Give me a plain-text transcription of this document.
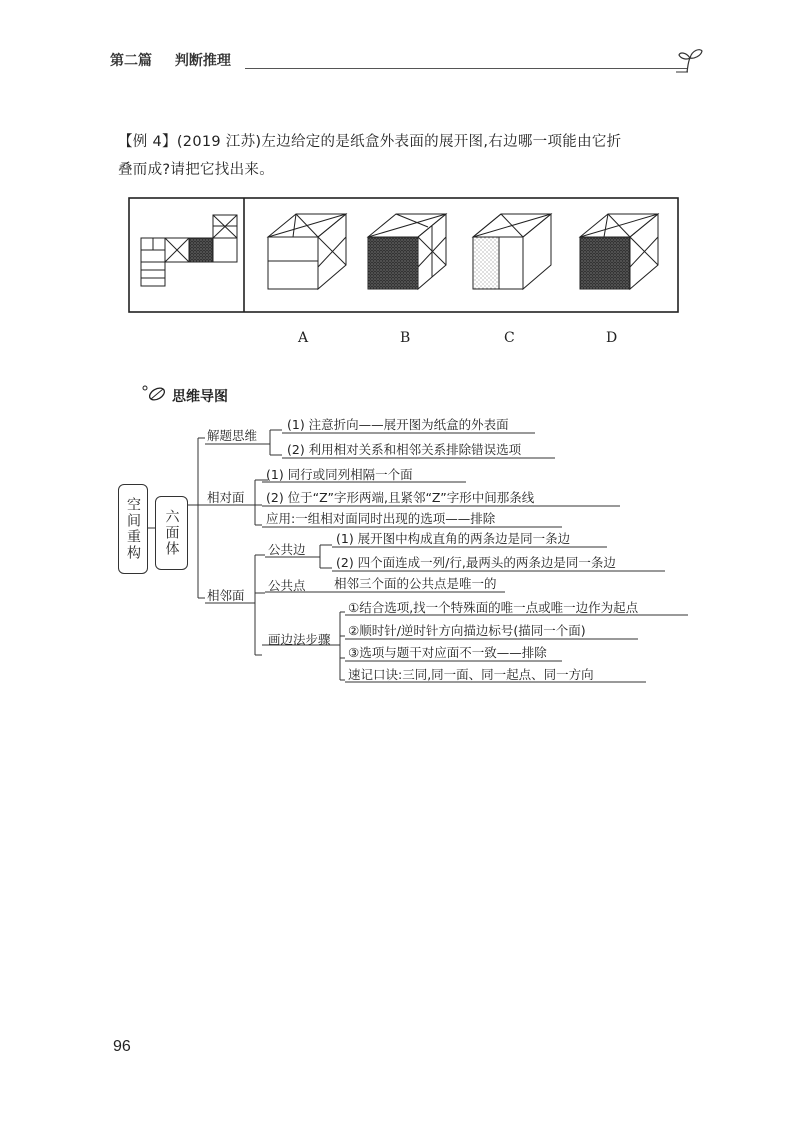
第二篇 判断推理
【例 4】(2019 江苏)左边给定的是纸盒外表面的展开图,右边哪一项能由它折
叠而成?请把它找出来。
A	B	C	D
思维导图
空间重构 六面体
解题思维
(1) 注意折向——展开图为纸盒的外表面
(2) 利用相对关系和相邻关系排除错误选项
相对面
(1) 同行或同列相隔一个面
(2) 位于“Z”字形两端,且紧邻“Z”字形中间那条线
应用:一组相对面同时出现的选项——排除
相邻面
公共边
(1) 展开图中构成直角的两条边是同一条边
(2) 四个面连成一列/行,最两头的两条边是同一条边
公共点 相邻三个面的公共点是唯一的
画边法步骤
①结合选项,找一个特殊面的唯一点或唯一边作为起点
②顺时针/逆时针方向描边标号(描同一个面)
③选项与题干对应面不一致——排除
速记口诀:三同,同一面、同一起点、同一方向
96
